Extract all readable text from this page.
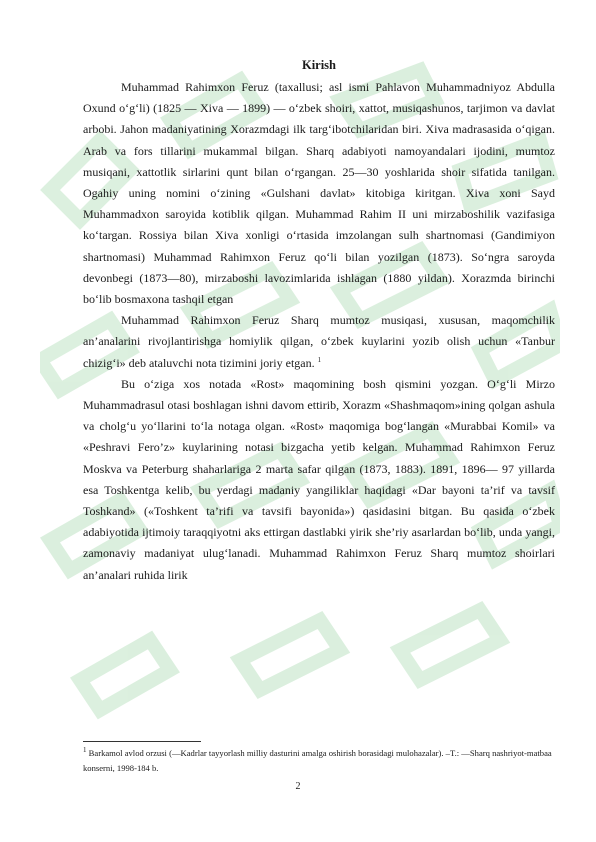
Kirish

Muhammad Rahimxon Feruz (taxallusi; asl ismi Pahlavon Muhammadniyoz Abdulla Oxund o‘g‘li) (1825 — Xiva — 1899) — o‘zbek shoiri, xattot, musiqashunos, tarjimon va davlat arbobi. Jahon madaniyatining Xorazmdagi ilk targ‘ibotchilaridan biri. Xiva madrasasida o‘qigan. Arab va fors tillarini mukammal bilgan. Sharq adabiyoti namoyandalari ijodini, mumtoz musiqani, xattotlik sirlarini qunt bilan o‘rgangan. 25—30 yoshlarida shoir sifatida tanilgan. Ogahiy uning nomini o‘zining «Gulshani davlat» kitobiga kiritgan. Xiva xoni Sayd Muhammadxon saroyida kotiblik qilgan. Muhammad Rahim II uni mirzaboshilik vazifasiga ko‘targan. Rossiya bilan Xiva xonligi o‘rtasida imzolangan sulh shartnomasi (Gandimiyon shartnomasi) Muhammad Rahimxon Feruz qo‘li bilan yozilgan (1873). So‘ngra saroyda devonbegi (1873—80), mirzaboshi lavozimlarida ishlagan (1880 yildan). Xorazmda birinchi bo‘lib bosmaxona tashqil etgan

Muhammad Rahimxon Feruz Sharq mumtoz musiqasi, xususan, maqomchilik an’analarini rivojlantirishga homiylik qilgan, o‘zbek kuylarini yozib olish uchun «Tanbur chizig‘i» deb ataluvchi nota tizimini joriy etgan. $^1$

Bu o‘ziga xos notada «Rost» maqomining bosh qismini yozgan. O‘g‘li Mirzo Muhammadrasul otasi boshlagan ishni davom ettirib, Xorazm «Shashmaqom»ining qolgan ashula va cholg‘u yo‘llarini to‘la notaga olgan. «Rost» maqomiga bog‘langan «Murabbai Komil» va «Peshravi Fero’z» kuylarining notasi bizgacha yetib kelgan. Muhammad Rahimxon Feruz Moskva va Peterburg shaharlariga 2 marta safar qilgan (1873, 1883). 1891, 1896— 97 yillarda esa Toshkentga kelib, bu yerdagi madaniy yangiliklar haqidagi «Dar bayoni ta’rif va tavsif Toshkand» («Toshkent ta’rifi va tavsifi bayonida») qasidasini bitgan. Bu qasida o‘zbek adabiyotida ijtimoiy taraqqiyotni aks ettirgan dastlabki yirik she’riy asarlardan bo‘lib, unda yangi, zamonaviy madaniyat ulug‘lanadi. Muhammad Rahimxon Feruz Sharq mumtoz shoirlari an’analari ruhida lirik

$^1$ Barkamol avlod orzusi (—Kadrlar tayyorlash milliy dasturini amalga oshirish borasidagi mulohazalar). –T.: —Sharq nashriyot-matbaa konserni, 1998-184 b.

2
